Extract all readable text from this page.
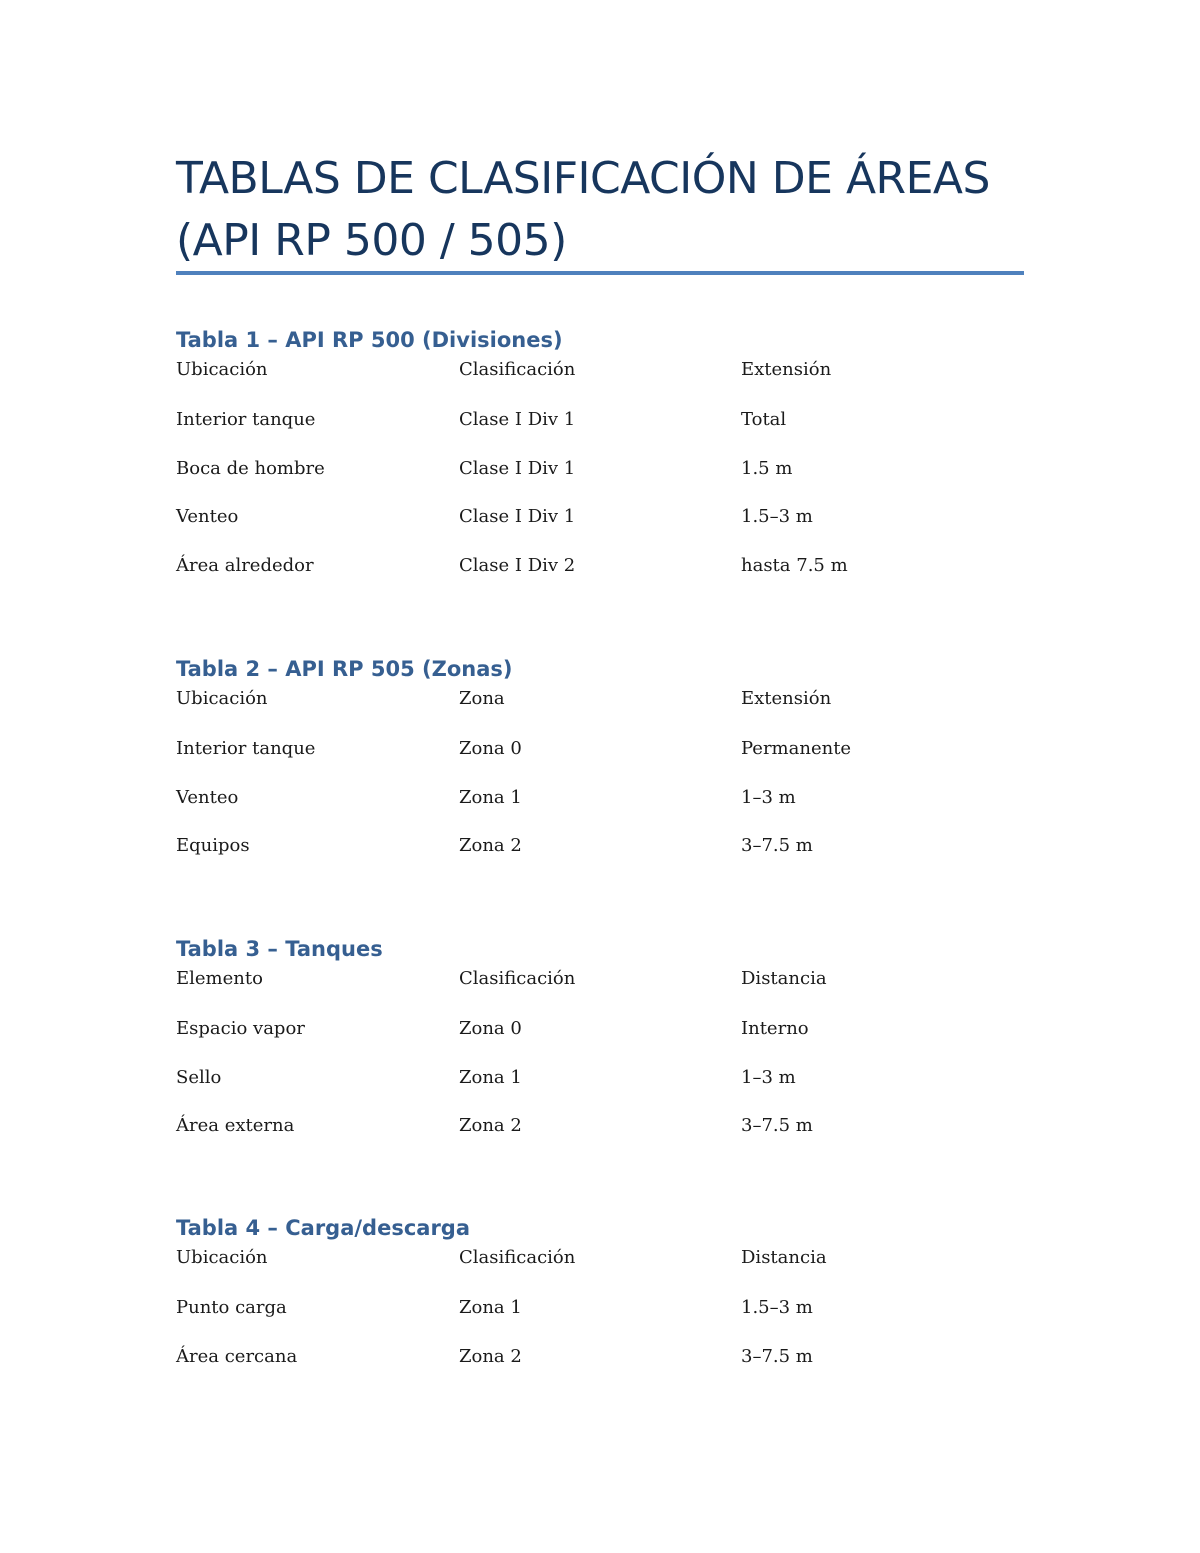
TABLAS DE CLASIFICACIÓN DE ÁREAS
(API RP 500 / 505)
Tabla 1 – API RP 500 (Divisiones)
Ubicación	Clasificación	Extensión
Interior tanque	Clase I Div 1	Total
Boca de hombre	Clase I Div 1	1.5 m
Venteo	Clase I Div 1	1.5–3 m
Área alrededor	Clase I Div 2	hasta 7.5 m
Tabla 2 – API RP 505 (Zonas)
Ubicación	Zona	Extensión
Interior tanque	Zona 0	Permanente
Venteo	Zona 1	1–3 m
Equipos	Zona 2	3–7.5 m
Tabla 3 – Tanques
Elemento	Clasificación	Distancia
Espacio vapor	Zona 0	Interno
Sello	Zona 1	1–3 m
Área externa	Zona 2	3–7.5 m
Tabla 4 – Carga/descarga
Ubicación	Clasificación	Distancia
Punto carga	Zona 1	1.5–3 m
Área cercana	Zona 2	3–7.5 m
